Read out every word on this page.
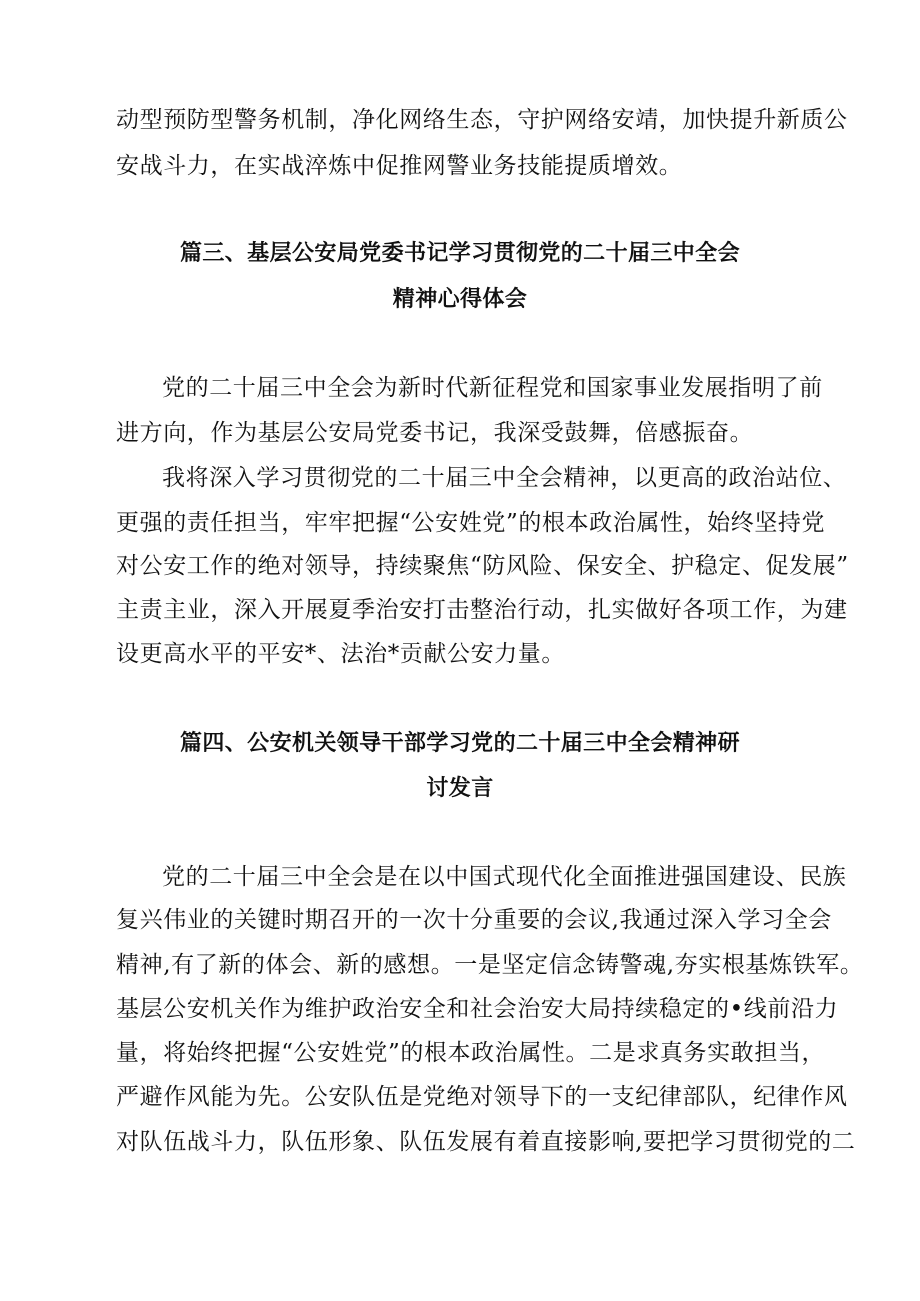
动型预防型警务机制，净化网络生态，守护网络安靖，加快提升新质公
安战斗力，在实战淬炼中促推网警业务技能提质增效。
篇三、基层公安局党委书记学习贯彻党的二十届三中全会
精神心得体会
党的二十届三中全会为新时代新征程党和国家事业发展指明了前
进方向，作为基层公安局党委书记，我深受鼓舞，倍感振奋。
我将深入学习贯彻党的二十届三中全会精神，以更高的政治站位、
更强的责任担当，牢牢把握“公安姓党”的根本政治属性，始终坚持党
对公安工作的绝对领导，持续聚焦“防风险、保安全、护稳定、促发展”
主责主业，深入开展夏季治安打击整治行动，扎实做好各项工作，为建
设更高水平的平安*、法治*贡献公安力量。
篇四、公安机关领导干部学习党的二十届三中全会精神研
讨发言
党的二十届三中全会是在以中国式现代化全面推进强国建设、民族
复兴伟业的关键时期召开的一次十分重要的会议,我通过深入学习全会
精神,有了新的体会、新的感想。一是坚定信念铸警魂,夯实根基炼铁军。
基层公安机关作为维护政治安全和社会治安大局持续稳定的•线前沿力
量，将始终把握“公安姓党”的根本政治属性。二是求真务实敢担当，
严避作风能为先。公安队伍是党绝对领导下的一支纪律部队，纪律作风
对队伍战斗力，队伍形象、队伍发展有着直接影响,要把学习贯彻党的二
